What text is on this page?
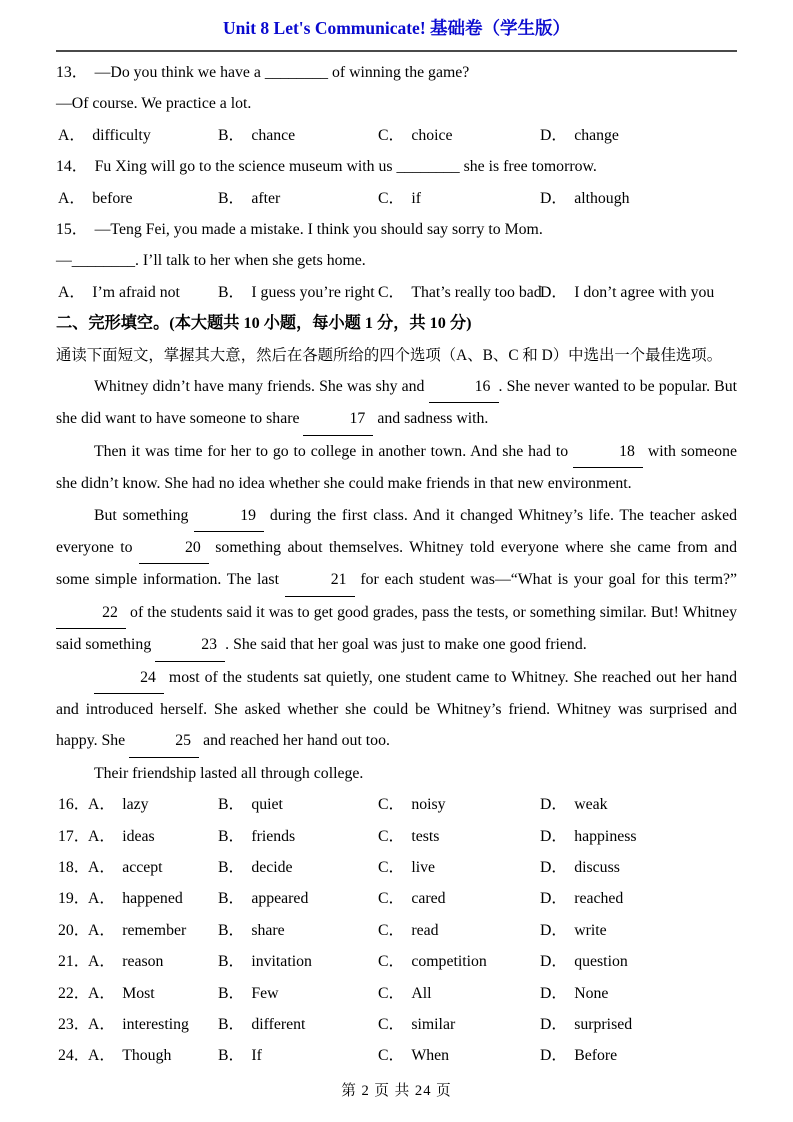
Unit 8 Let's Communicate! 基础卷（学生版）
13． —Do you think we have a ________ of winning the game?
—Of course. We practice a lot.
A． difficulty	B． chance	C． choice	D． change
14． Fu Xing will go to the science museum with us ________ she is free tomorrow.
A． before	B． after	C． if	D． although
15． —Teng Fei, you made a mistake. I think you should say sorry to Mom.
—________. I’ll talk to her when she gets home.
A． I’m afraid not B． I guess you’re right C． That’s really too bad
D． I don’t agree with you
二、完形填空。(本大题共 10 小题，每小题 1 分，共 10 分)
通读下面短文，掌握其大意，然后在各题所给的四个选项（A、B、C 和 D）中选出一个最佳选项。

Whitney didn’t have many friends. She was shy and	16 . She never wanted to be popular. But she did want to have someone to share	17 and sadness with.

Then it was time for her to go to college in another town. And she had to	18 with someone she didn’t know. She had no idea whether she could make friends in that new environment.

But something	19 during the first class. And it changed Whitney’s life. The teacher asked everyone to	20 something about themselves. Whitney told everyone where she came from and some simple information. The last	21 for each student was—“What is your goal for this term?” 22 of the students said it was to get good grades, pass the tests, or something similar. But! Whitney said something	23 . She said that her goal was just to make one good friend.

24 most of the students sat quietly, one student came to Whitney. She reached out her hand and introduced herself. She asked whether she could be Whitney’s friend. Whitney was surprised and happy. She	25 and reached her hand out too.

Their friendship lasted all through college.

16．
A． lazy	B． quiet	C． noisy	D． weak
17．
A． ideas	B． friends	C． tests	D． happiness
18．
A． accept	B． decide	C． live	D． discuss
19．
A． happened B． appeared	C． cared	D． reached
20．
A． remember B． share	C． read	D． write
21．
A． reason	B． invitation	C． competition	D． question
22．
A． Most	B． Few	C． All	D． None
23．
A． interesting B． different	C． similar	D． surprised
24．
A． Though	B． If	C． When	D． Before
第 2 页 共 24 页
